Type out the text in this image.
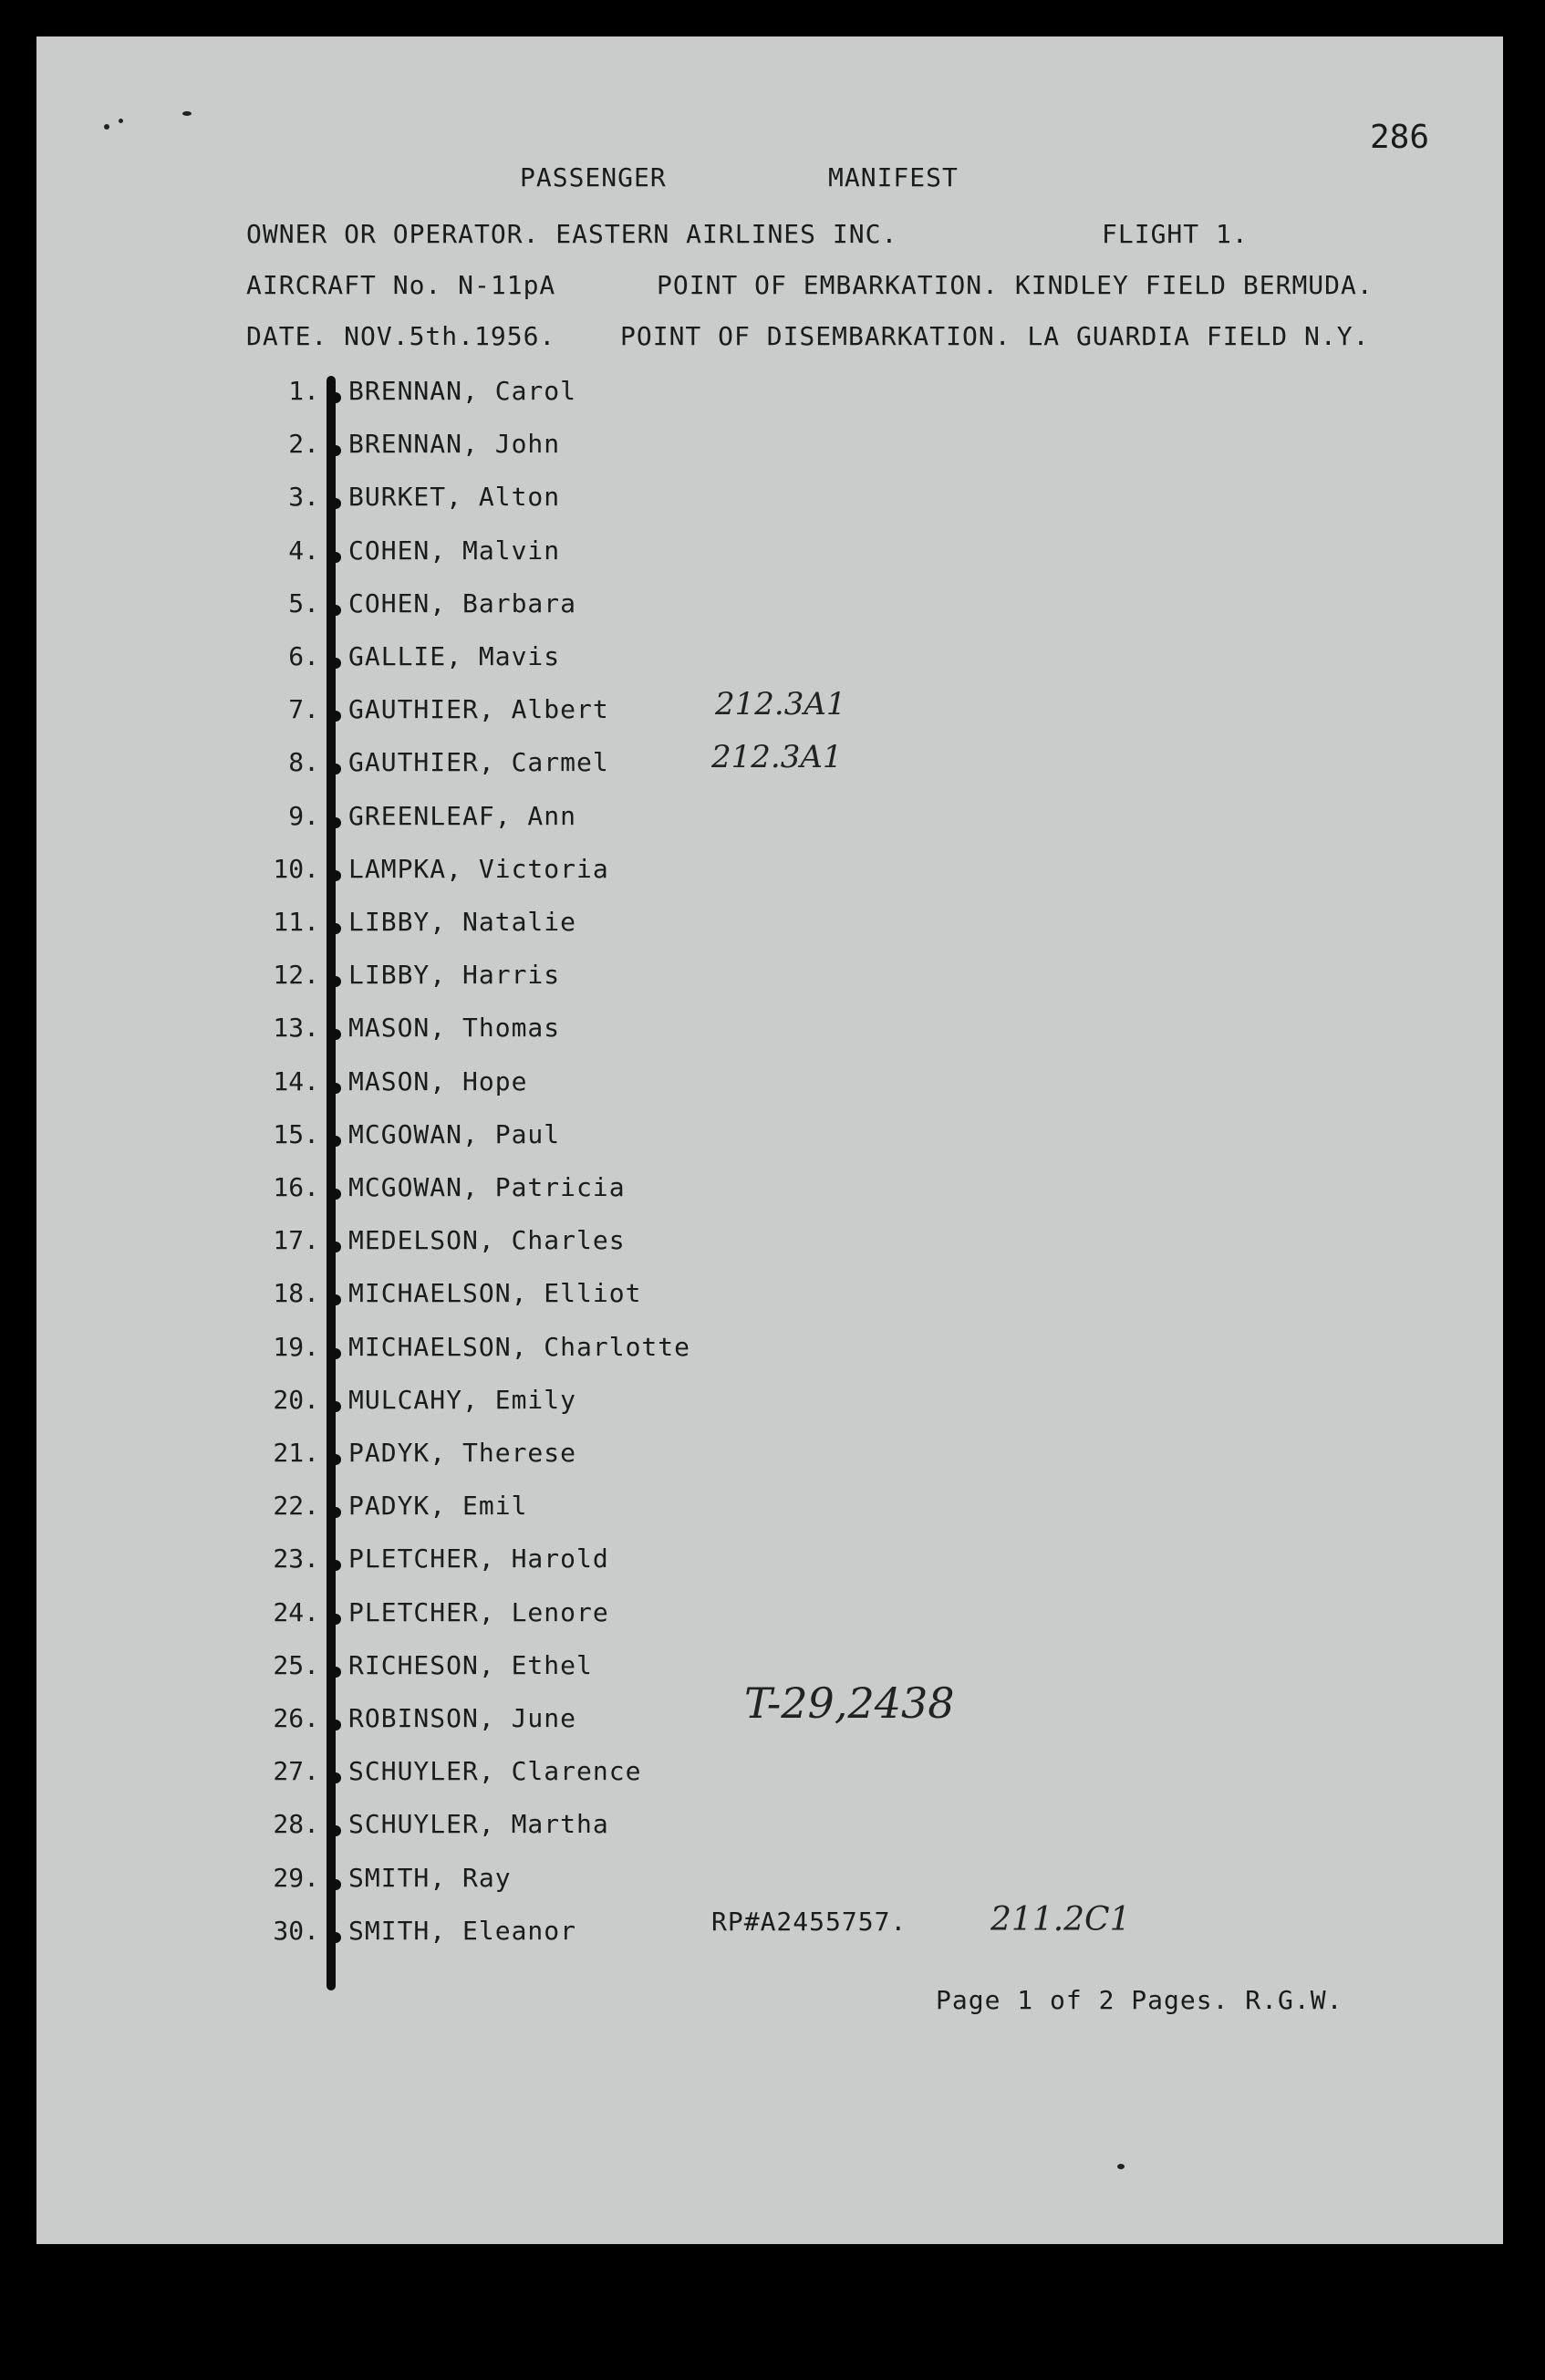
286
PASSENGER	MANIFEST
OWNER OR OPERATOR. EASTERN AIRLINES INC.	FLIGHT 1.
AIRCRAFT No. N-11pA	POINT OF EMBARKATION. KINDLEY FIELD BERMUDA.
DATE. NOV.5th.1956.	POINT OF DISEMBARKATION. LA GUARDIA FIELD N.Y.
1. BRENNAN, Carol
2. BRENNAN, John
3. BURKET, Alton
4. COHEN, Malvin
5. COHEN, Barbara
6. GALLIE, Mavis
7. GAUTHIER, Albert
8. GAUTHIER, Carmel
9. GREENLEAF, Ann
10. LAMPKA, Victoria
11. LIBBY, Natalie
12. LIBBY, Harris
13. MASON, Thomas
14. MASON, Hope
15. MCGOWAN, Paul
16. MCGOWAN, Patricia
17. MEDELSON, Charles
18. MICHAELSON, Elliot
19. MICHAELSON, Charlotte
20. MULCAHY, Emily
21. PADYK, Therese
22. PADYK, Emil
23. PLETCHER, Harold
24. PLETCHER, Lenore
25. RICHESON, Ethel
26. ROBINSON, June
27. SCHUYLER, Clarence
28. SCHUYLER, Martha
29. SMITH, Ray
30. SMITH, Eleanor
212.3A1
212.3A1
T-29,2438
RP#A2455757.	211.2C1
Page 1 of 2 Pages. R.G.W.
